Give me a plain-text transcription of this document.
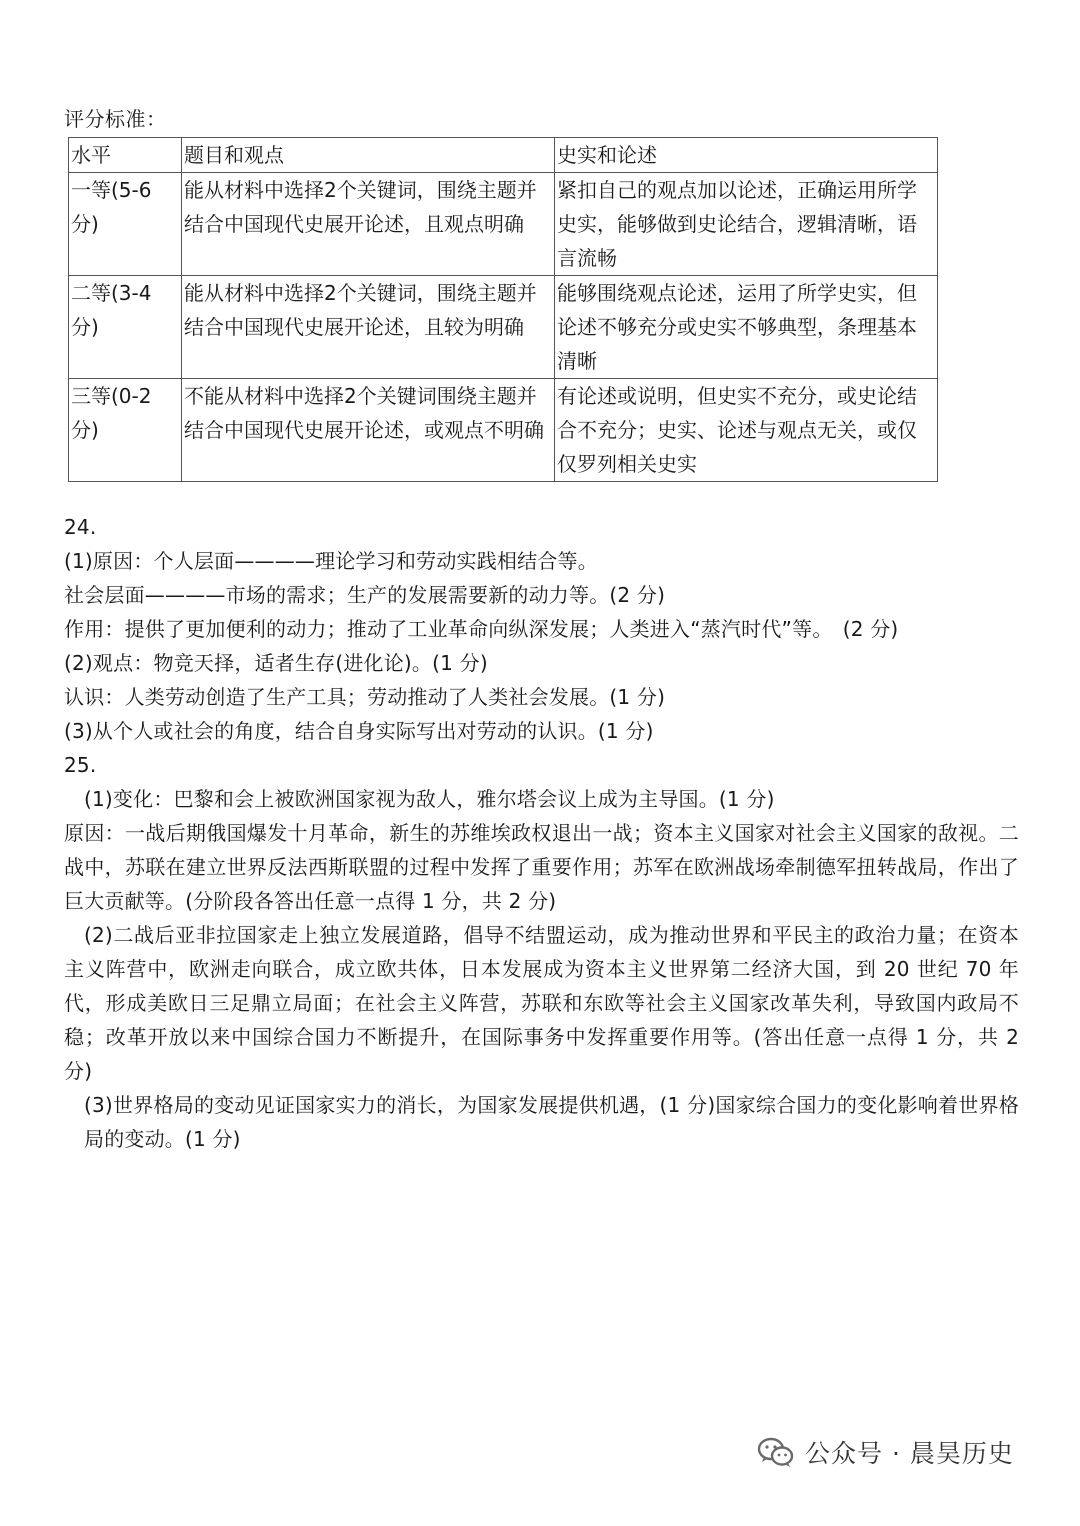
评分标准：
水平	题目和观点	史实和论述
一等(5-6分)	能从材料中选择2个关键词，围绕主题并结合中国现代史展开论述，且观点明确	紧扣自己的观点加以论述，正确运用所学史实，能够做到史论结合，逻辑清晰，语言流畅
二等(3-4分)	能从材料中选择2个关键词，围绕主题并结合中国现代史展开论述，且较为明确	能够围绕观点论述，运用了所学史实，但论述不够充分或史实不够典型，条理基本清晰
三等(0-2分)	不能从材料中选择2个关键词围绕主题并结合中国现代史展开论述，或观点不明确	有论述或说明，但史实不充分，或史论结合不充分；史实、论述与观点无关，或仅仅罗列相关史实

24.

(1)原因：个人层面————理论学习和劳动实践相结合等。

社会层面————市场的需求；生产的发展需要新的动力等。(2 分)

作用：提供了更加便利的动力；推动了工业革命向纵深发展；人类进入“蒸汽时代”等。　(2 分)

(2)观点：物竞天择，适者生存(进化论)。(1 分)

认识：人类劳动创造了生产工具；劳动推动了人类社会发展。(1 分)

(3)从个人或社会的角度，结合自身实际写出对劳动的认识。(1 分)

25.

(1)变化：巴黎和会上被欧洲国家视为敌人，雅尔塔会议上成为主导国。(1 分)

原因：一战后期俄国爆发十月革命，新生的苏维埃政权退出一战；资本主义国家对社会主义国家的敌视。二战中，苏联在建立世界反法西斯联盟的过程中发挥了重要作用；苏军在欧洲战场牵制德军扭转战局，作出了巨大贡献等。(分阶段各答出任意一点得 1 分，共 2 分)

(2)二战后亚非拉国家走上独立发展道路，倡导不结盟运动，成为推动世界和平民主的政治力量；在资本主义阵营中，欧洲走向联合，成立欧共体，日本发展成为资本主义世界第二经济大国，到 20 世纪 70 年代，形成美欧日三足鼎立局面；在社会主义阵营，苏联和东欧等社会主义国家改革失利，导致国内政局不稳；改革开放以来中国综合国力不断提升，在国际事务中发挥重要作用等。(答出任意一点得 1 分，共 2 分)

(3)世界格局的变动见证国家实力的消长，为国家发展提供机遇，(1 分)国家综合国力的变化影响着世界格局的变动。(1 分)

公众号 · 晨昊历史
